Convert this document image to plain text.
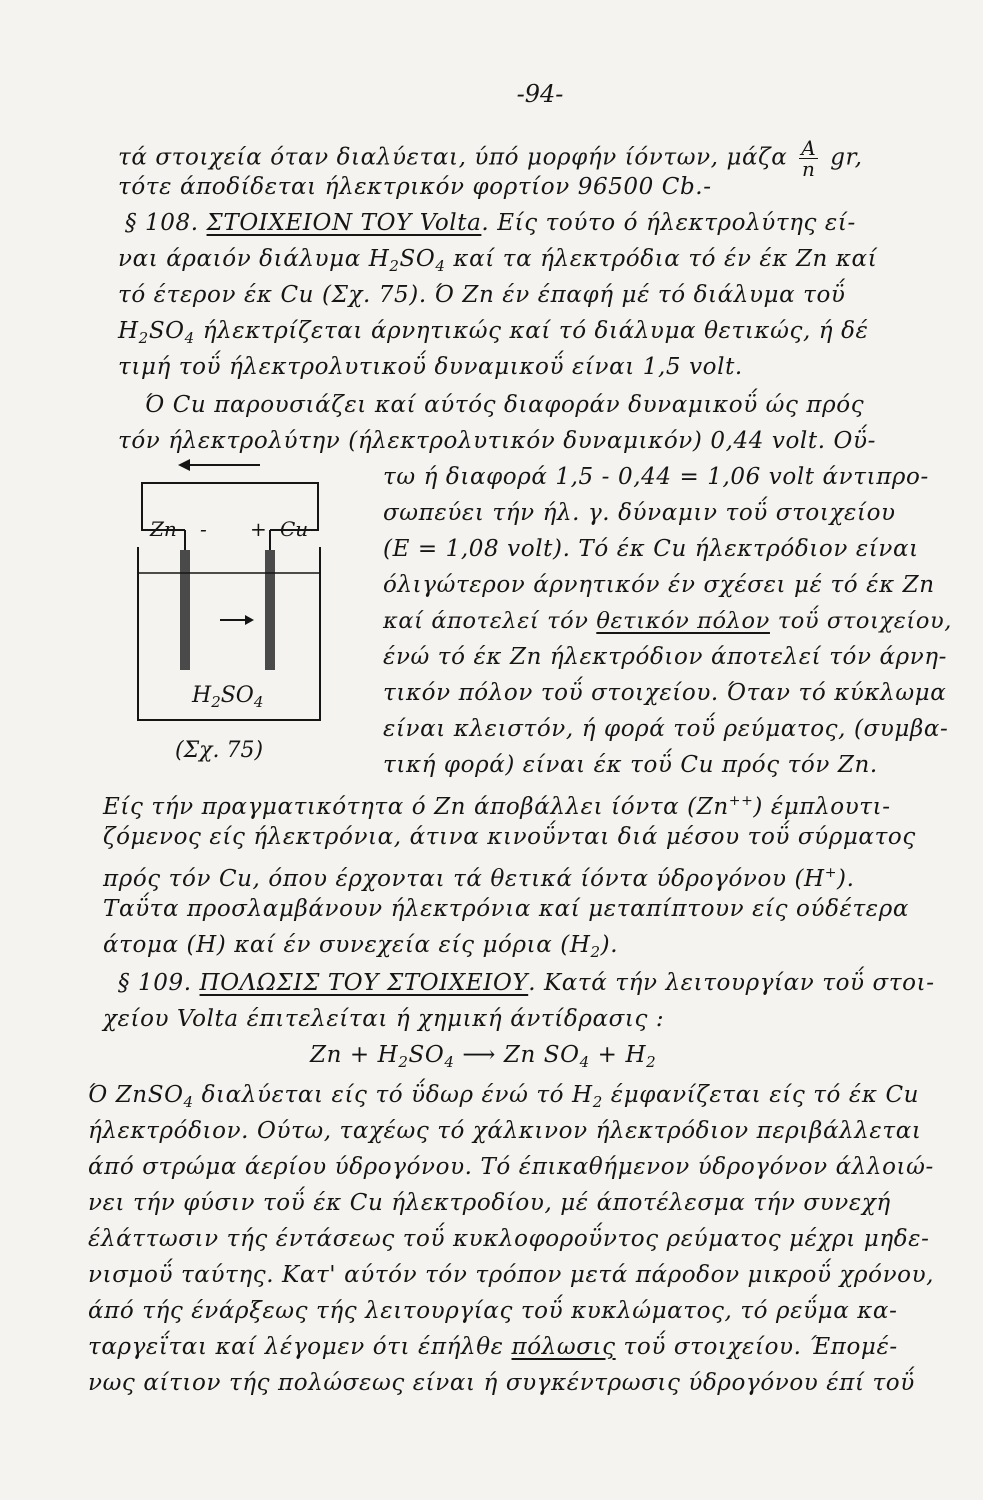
-94-
τά στοιχεία όταν διαλύεται, ύπό μορφήν ίόντων, μάζα $\frac{A}{n}$ gr,
τότε άποδίδεται ήλεκτρικόν φορτίον 96500 Cb.-
§ 108. ΣΤΟΙΧΕΙΟΝ ΤΟΥ Volta. Είς τούτο ό ήλεκτρολύτης εί-
ναι άραιόν διάλυμα $H_2SO_4$ καί τα ήλεκτρόδια τό έν έκ Zn καί
τό έτερον έκ Cu (Σχ. 75). Ό Zn έν έπαφή μέ τό διάλυμα τοΰ
$H_2SO_4$ ήλεκτρίζεται άρνητικώς καί τό διάλυμα θετικώς, ή δέ
τιμή τοΰ ήλεκτρολυτικοΰ δυναμικοΰ είναι 1,5 volt.
Ό Cu παρουσιάζει καί αύτός διαφοράν δυναμικοΰ ώς πρός
τόν ήλεκτρολύτην (ήλεκτρολυτικόν δυναμικόν) 0,44 volt. Οΰ-
τω ή διαφορά 1,5 - 0,44 = 1,06 volt άντιπρο-
σωπεύει τήν ήλ. γ. δύναμιν τοΰ στοιχείου
(E = 1,08 volt). Τό έκ Cu ήλεκτρόδιον είναι
όλιγώτερον άρνητικόν έν σχέσει μέ τό έκ Zn
καί άποτελεί τόν θετικόν πόλον τοΰ στοιχείου,
ένώ τό έκ Zn ήλεκτρόδιον άποτελεί τόν άρνη-
τικόν πόλον τοΰ στοιχείου. Όταν τό κύκλωμα
είναι κλειστόν, ή φορά τοΰ ρεύματος, (συμβα-
τική φορά) είναι έκ τοΰ Cu πρός τόν Zn.
Zn - + Cu
$H_2SO_4$
(Σχ. 75)
Είς τήν πραγματικότητα ό Zn άποβάλλει ίόντα (Zn++) έμπλουτι-
ζόμενος είς ήλεκτρόνια, άτινα κινοΰνται διά μέσου τοΰ σύρματος
πρός τόν Cu, όπου έρχονται τά θετικά ίόντα ύδρογόνου (H+).
Ταΰτα προσλαμβάνουν ήλεκτρόνια καί μεταπίπτουν είς ούδέτερα
άτομα (H) καί έν συνεχεία είς μόρια $(H_2)$.
§ 109. ΠΟΛΩΣΙΣ ΤΟΥ ΣΤΟΙΧΕΙΟΥ. Κατά τήν λειτουργίαν τοΰ στοι-
χείου Volta έπιτελείται ή χημική άντίδρασις :
$Zn + H_2SO_4$ ⟶ Zn $SO_4 + H_2$
Ό ZnSO$_4$ διαλύεται είς τό ΰδωρ ένώ τό $H_2$ έμφανίζεται είς τό έκ Cu
ήλεκτρόδιον. Ούτω, ταχέως τό χάλκινον ήλεκτρόδιον περιβάλλεται
άπό στρώμα άερίου ύδρογόνου. Τό έπικαθήμενον ύδρογόνον άλλοιώ-
νει τήν φύσιν τοΰ έκ Cu ήλεκτροδίου, μέ άποτέλεσμα τήν συνεχή
έλάττωσιν τής έντάσεως τοΰ κυκλοφοροΰντος ρεύματος μέχρι μηδε-
νισμοΰ ταύτης. Κατ' αύτόν τόν τρόπον μετά πάροδον μικροΰ χρόνου,
άπό τής ένάρξεως τής λειτουργίας τοΰ κυκλώματος, τό ρεΰμα κα-
ταργεΐται καί λέγομεν ότι έπήλθε πόλωσις τοΰ στοιχείου. Έπομέ-
νως αίτιον τής πολώσεως είναι ή συγκέντρωσις ύδρογόνου έπί τοΰ
